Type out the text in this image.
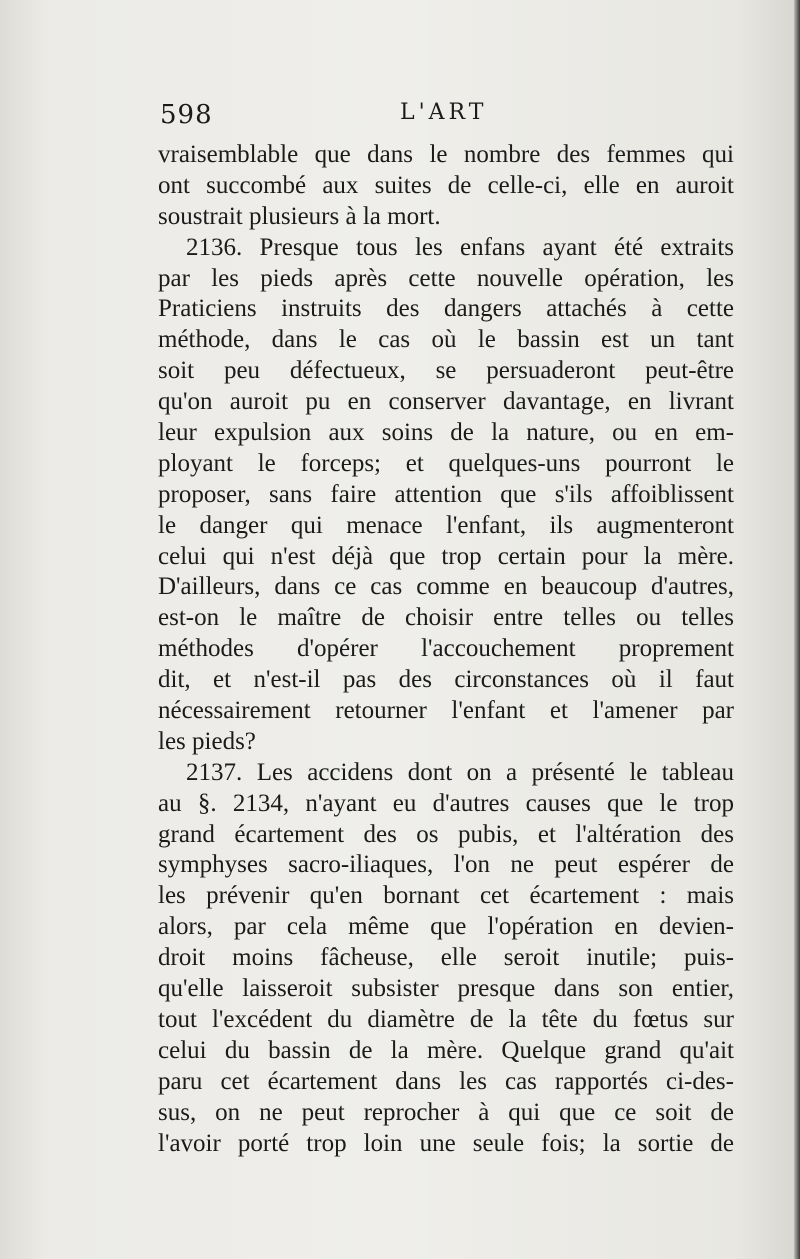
598	L'ART
vraisemblable que dans le nombre des femmes qui
ont succombé aux suites de celle-ci, elle en auroit
soustrait plusieurs à la mort.
2136. Presque tous les enfans ayant été extraits
par les pieds après cette nouvelle opération, les
Praticiens instruits des dangers attachés à cette
méthode, dans le cas où le bassin est un tant
soit peu défectueux, se persuaderont peut-être
qu'on auroit pu en conserver davantage, en livrant
leur expulsion aux soins de la nature, ou en em-
ployant le forceps; et quelques-uns pourront le
proposer, sans faire attention que s'ils affoiblissent
le danger qui menace l'enfant, ils augmenteront
celui qui n'est déjà que trop certain pour la mère.
D'ailleurs, dans ce cas comme en beaucoup d'autres,
est-on le maître de choisir entre telles ou telles
méthodes d'opérer l'accouchement proprement
dit, et n'est-il pas des circonstances où il faut
nécessairement retourner l'enfant et l'amener par
les pieds?
2137. Les accidens dont on a présenté le tableau
au §. 2134, n'ayant eu d'autres causes que le trop
grand écartement des os pubis, et l'altération des
symphyses sacro-iliaques, l'on ne peut espérer de
les prévenir qu'en bornant cet écartement : mais
alors, par cela même que l'opération en devien-
droit moins fâcheuse, elle seroit inutile; puis-
qu'elle laisseroit subsister presque dans son entier,
tout l'excédent du diamètre de la tête du fœtus sur
celui du bassin de la mère. Quelque grand qu'ait
paru cet écartement dans les cas rapportés ci-des-
sus, on ne peut reprocher à qui que ce soit de
l'avoir porté trop loin une seule fois; la sortie de
